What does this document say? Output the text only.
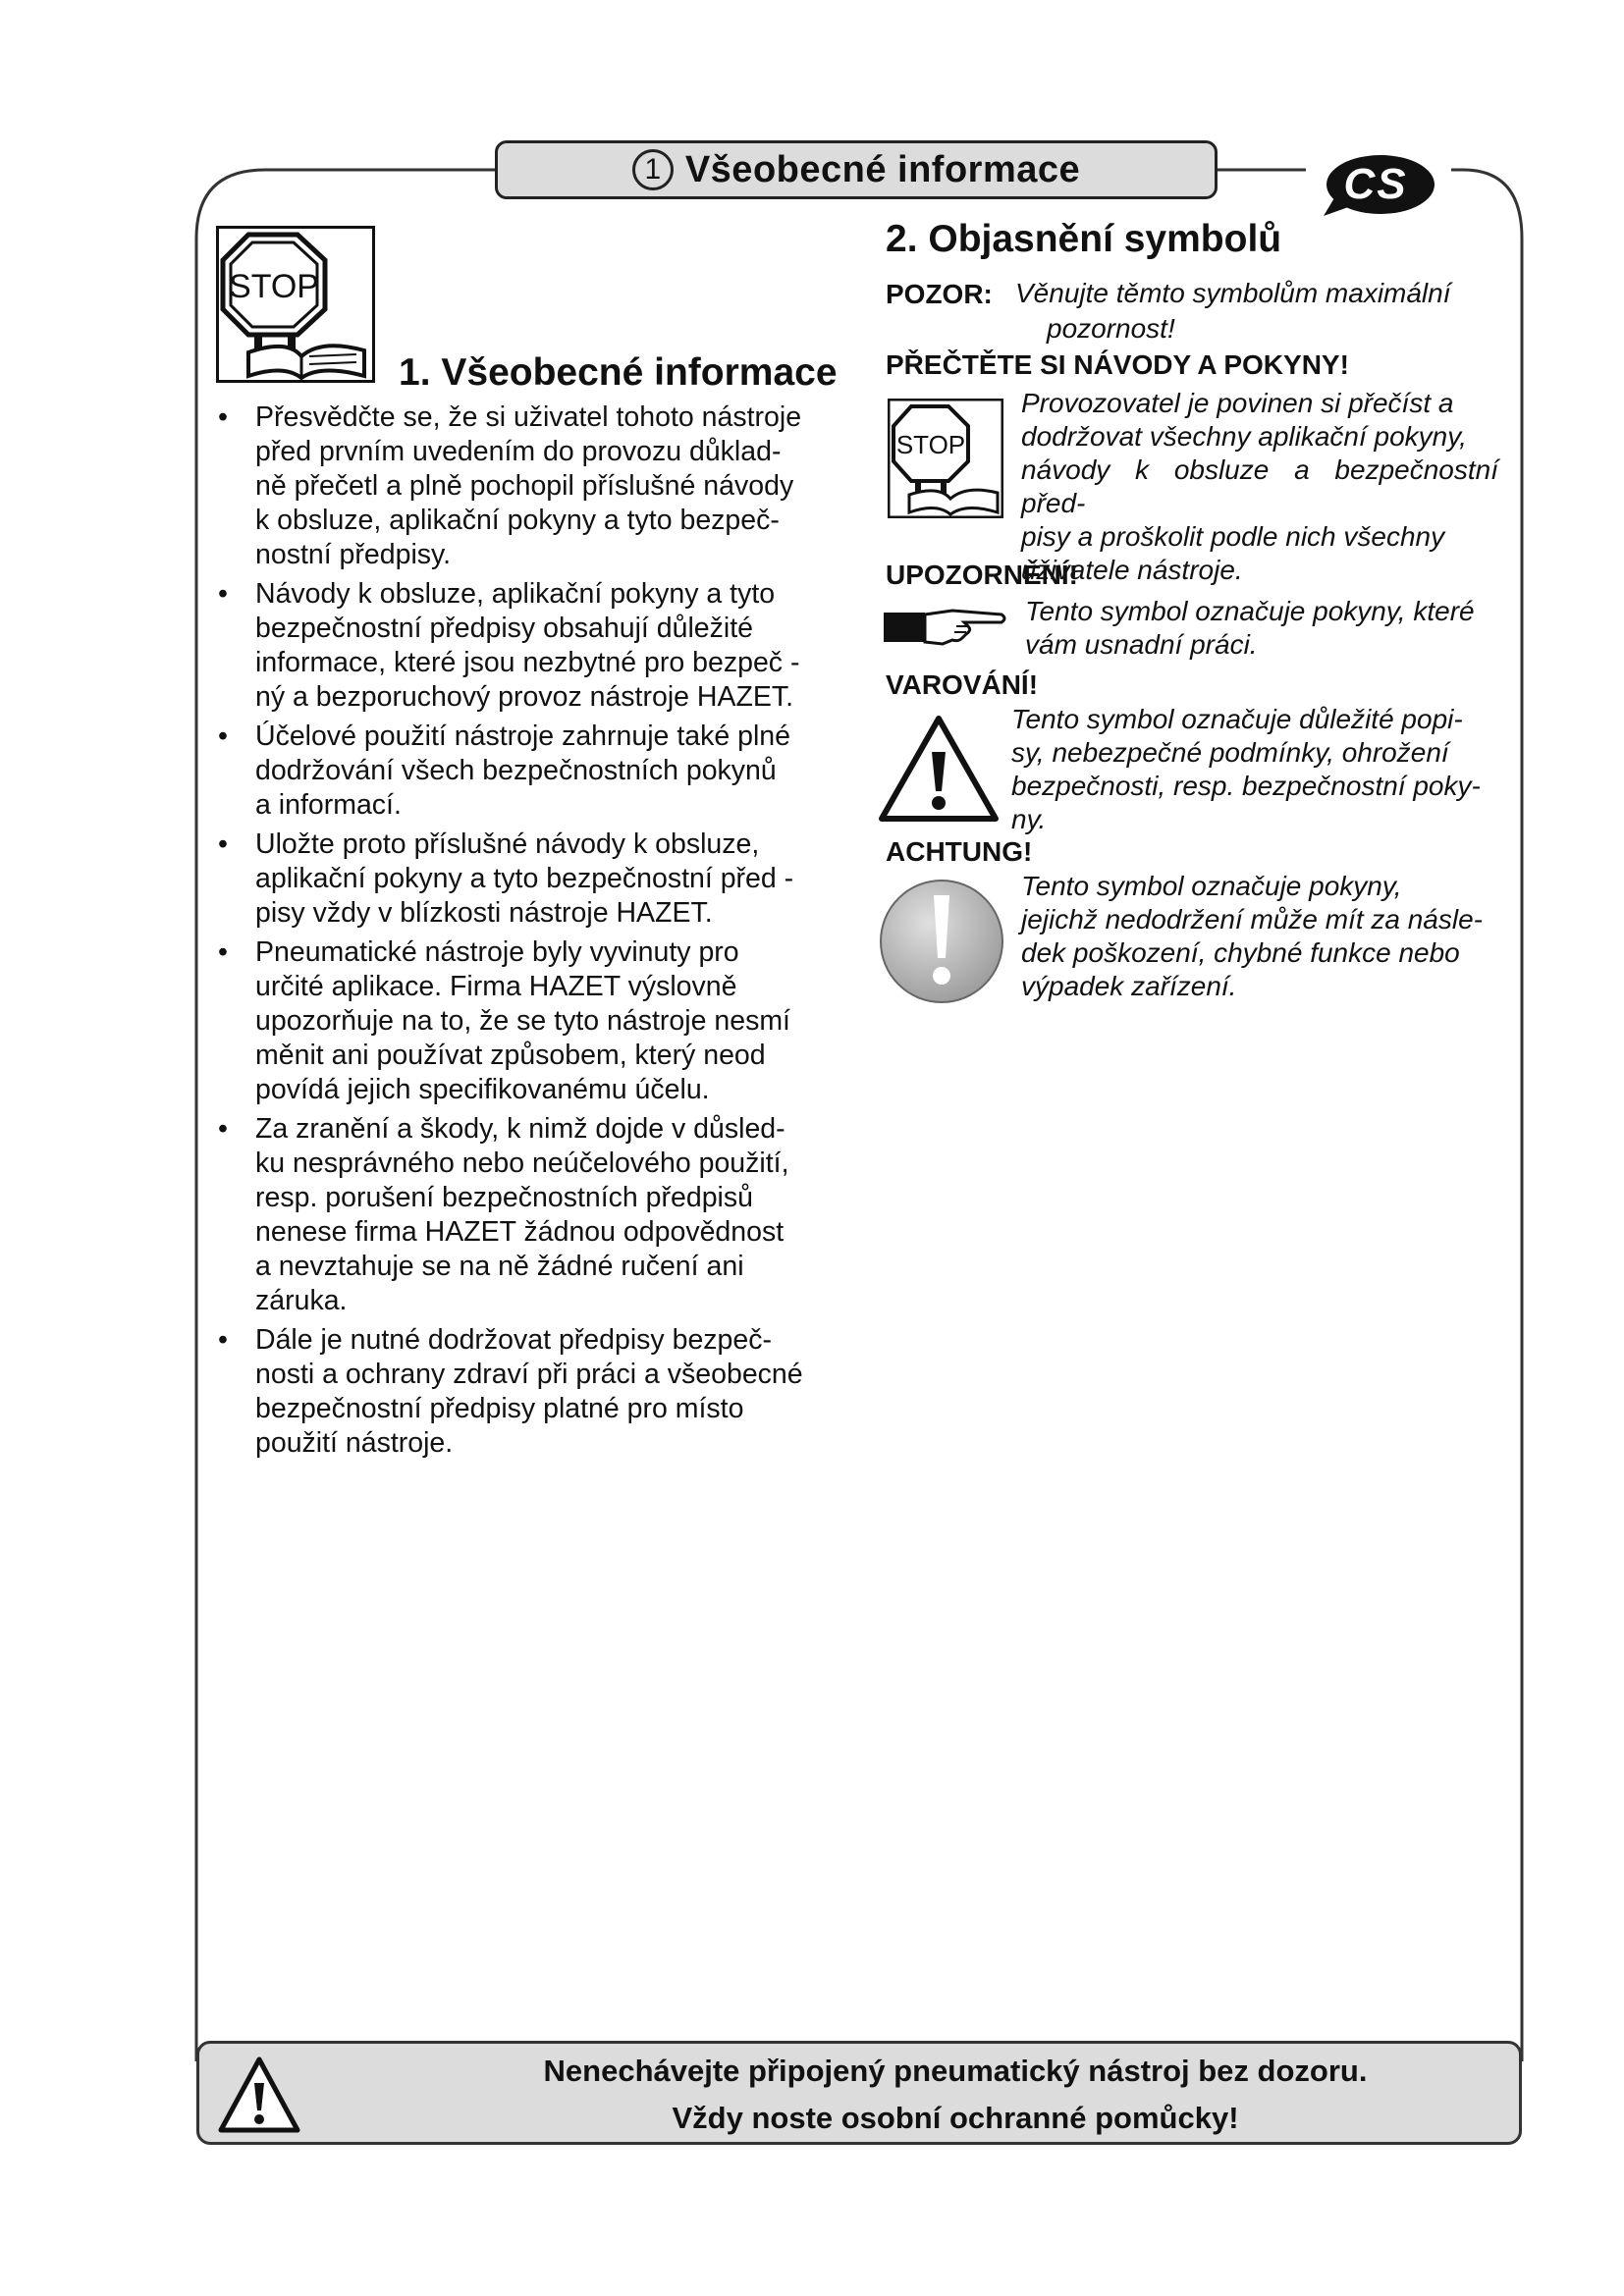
1 Všeobecné informace	CS
STOP
1. Všeobecné informace
• Přesvědčte se, že si uživatel tohoto nástroje
před prvním uvedením do provozu důklad-
ně přečetl a plně pochopil příslušné návody
k obsluze, aplikační pokyny a tyto bezpeč-
nostní předpisy.
• Návody k obsluze, aplikační pokyny a tyto
bezpečnostní předpisy obsahují důležité
informace, které jsou nezbytné pro bezpeč -
ný a bezporuchový provoz nástroje HAZET.
• Účelové použití nástroje zahrnuje také plné
dodržování všech bezpečnostních pokynů
a informací.
• Uložte proto příslušné návody k obsluze,
aplikační pokyny a tyto bezpečnostní před -
pisy vždy v blízkosti nástroje HAZET.
• Pneumatické nástroje byly vyvinuty pro
určité aplikace. Firma HAZET výslovně
upozorňuje na to, že se tyto nástroje nesmí
měnit ani používat způsobem, který neod
povídá jejich specifikovanému účelu.
• Za zranění a škody, k nimž dojde v důsled-
ku nesprávného nebo neúčelového použití,
resp. porušení bezpečnostních předpisů
nenese firma HAZET žádnou odpovědnost
a nevztahuje se na ně žádné ručení ani
záruka.
• Dále je nutné dodržovat předpisy bezpeč-
nosti a ochrany zdraví při práci a všeobecné
bezpečnostní předpisy platné pro místo
použití nástroje.
2. Objasnění symbolů
POZOR: Věnujte těmto symbolům maximální
pozornost!
PŘEČTĚTE SI NÁVODY A POKYNY!
STOP
Provozovatel je povinen si přečíst a
dodržovat všechny aplikační pokyny,
návody k obsluze a bezpečnostní před-
pisy a proškolit podle nich všechny
uživatele nástroje.
UPOZORNĚNÍ!
Tento symbol označuje pokyny, které
vám usnadní práci.
VAROVÁNÍ!
Tento symbol označuje důležité popi-
sy, nebezpečné podmínky, ohrožení
bezpečnosti, resp. bezpečnostní poky-
ny.
ACHTUNG!
Tento symbol označuje pokyny,
jejichž nedodržení může mít za násle-
dek poškození, chybné funkce nebo
výpadek zařízení.
Nenechávejte připojený pneumatický nástroj bez dozoru.
Vždy noste osobní ochranné pomůcky!
